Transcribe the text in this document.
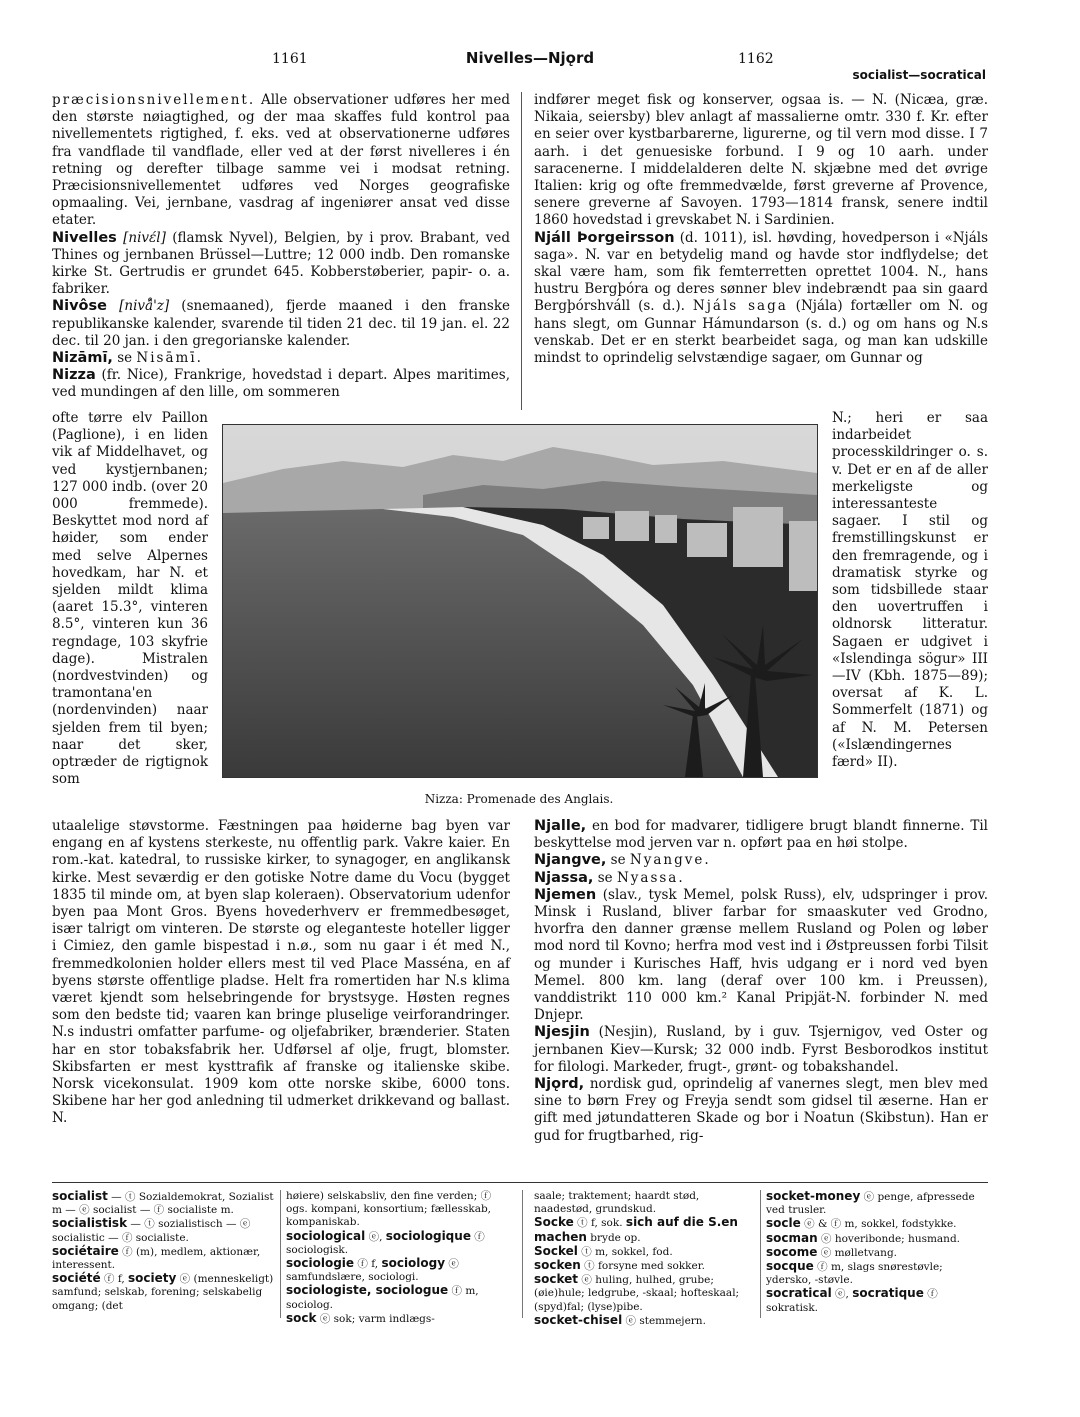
1161	Nivelles—Njǫrd	1162
socialist—socratical

præcisionsnivellement. Alle observationer udføres her med den største nøiagtighed, og der maa skaffes fuld kontrol paa nivellementets rigtighed, f. eks. ved at observationerne udføres fra vandflade til vandflade, eller ved at der først nivelleres i én retning og derefter tilbage samme vei i modsat retning. Præcisionsnivellementet udføres ved Norges geografiske opmaaling. Vei, jernbane, vasdrag af ingeniører ansat ved disse etater.

Nivelles [nivɛ́l] (flamsk Nyvel), Belgien, by i prov. Brabant, ved Thines og jernbanen Brüssel—Luttre; 12 000 indb. Den romanske kirke St. Gertrudis er grundet 645. Kobberstøberier, papir- o. a. fabriker.

Nivôse [nivå̂'z] (snemaaned), fjerde maaned i den franske republikanske kalender, svarende til tiden 21 dec. til 19 jan. el. 22 dec. til 20 jan. i den gregorianske kalender.

Nizāmī, se Nisāmī.

Nizza (fr. Nice), Frankrige, hovedstad i depart. Alpes maritimes, ved mundingen af den lille, om sommeren

indfører meget fisk og konserver, ogsaa is. — N. (Nicæa, græ. Nikaia, seiersby) blev anlagt af massalierne omtr. 330 f. Kr. efter en seier over kystbarbarerne, ligurerne, og til vern mod disse. I 7 aarh. i det genuesiske forbund. I 9 og 10 aarh. under saracenerne. I middelalderen delte N. skjæbne med det øvrige Italien: krig og ofte fremmedvælde, først greverne af Provence, senere greverne af Savoyen. 1793—1814 fransk, senere indtil 1860 hovedstad i grevskabet N. i Sardinien.

Njáll Þorgeirsson (d. 1011), isl. høvding, hovedperson i «Njáls saga». N. var en betydelig mand og havde stor indflydelse; det skal være ham, som fik femterretten oprettet 1004. N., hans hustru Bergþóra og deres sønner blev indebrændt paa sin gaard Bergþórshváll (s. d.). Njáls saga (Njála) fortæller om N. og hans slegt, om Gunnar Hámundarson (s. d.) og om hans og N.s venskab. Det er en sterkt bearbeidet saga, og man kan udskille mindst to oprindelig selvstændige sagaer, om Gunnar og

ofte tørre elv Paillon (Paglione), i en liden vik af Middelhavet, og ved kystjernbanen; 127 000 indb. (over 20 000 fremmede). Beskyttet mod nord af høider, som ender med selve Alpernes hovedkam, har N. et sjelden mildt klima (aaret 15.3°, vinteren 8.5°, vinteren kun 36 regndage, 103 skyfrie dage). Mistralen (nordvestvinden) og tramontana'en (nordenvinden) naar sjelden frem til byen; naar det sker, optræder de rigtignok som

N.; heri er saa indarbeidet processkildringer o. s. v. Det er en af de aller merkeligste og interessanteste sagaer. I stil og fremstillingskunst er den fremragende, og i dramatisk styrke og som tidsbillede staar den uovertruffen i oldnorsk litteratur. Sagaen er udgivet i «Islendinga sögur» III—IV (Kbh. 1875—89); oversat af K. L. Sommerfelt (1871) og af N. M. Petersen («Islændingernes færd» II).

Nizza: Promenade des Anglais.

utaalelige støvstorme. Fæstningen paa høiderne bag byen var engang en af kystens sterkeste, nu offentlig park. Vakre kaier. En rom.-kat. katedral, to russiske kirker, to synagoger, en anglikansk kirke. Mest seværdig er den gotiske Notre dame du Vocu (bygget 1835 til minde om, at byen slap koleraen). Observatorium udenfor byen paa Mont Gros. Byens hovederhverv er fremmedbesøget, især talrigt om vinteren. De største og eleganteste hoteller ligger i Cimiez, den gamle bispestad i n.ø., som nu gaar i ét med N., fremmedkolonien holder ellers mest til ved Place Masséna, en af byens største offentlige pladse. Helt fra romertiden har N.s klima været kjendt som helsebringende for brystsyge. Høsten regnes som den bedste tid; vaaren kan bringe pluselige veirforandringer. N.s industri omfatter parfume- og oljefabriker, brænderier. Staten har en stor tobaksfabrik her. Udførsel af olje, frugt, blomster. Skibsfarten er mest kysttrafik af franske og italienske skibe. Norsk vicekonsulat. 1909 kom otte norske skibe, 6000 tons. Skibene har her god anledning til udmerket drikkevand og ballast. N.

Njalle, en bod for madvarer, tidligere brugt blandt finnerne. Til beskyttelse mod jerven var n. opført paa en høi stolpe.

Njangve, se Nyangve.

Njassa, se Nyassa.

Njemen (slav., tysk Memel, polsk Russ), elv, udspringer i prov. Minsk i Rusland, bliver farbar for smaaskuter ved Grodno, hvorfra den danner grænse mellem Rusland og Polen og løber mod nord til Kovno; herfra mod vest ind i Østpreussen forbi Tilsit og munder i Kurisches Haff, hvis udgang er i nord ved byen Memel. 800 km. lang (deraf over 100 km. i Preussen), vanddistrikt 110 000 km.² Kanal Pripjät-N. forbinder N. med Dnjepr.

Njesjin (Nesjin), Rusland, by i guv. Tsjernigov, ved Oster og jernbanen Kiev—Kursk; 32 000 indb. Fyrst Besborodkos institut for filologi. Markeder, frugt-, grønt- og tobakshandel.

Njǫrd, nordisk gud, oprindelig af vanernes slegt, men blev med sine to børn Frey og Freyja sendt som gidsel til æserne. Han er gift med jøtundatteren Skade og bor i Noatun (Skibstun). Han er gud for frugtbarhed, rig-

socialist — ⓣ Sozialdemokrat, Sozialist m — ⓔ socialist — ⓕ socialiste m.

socialistisk — ⓣ sozialistisch — ⓔ socialistic — ⓕ socialiste.

sociétaire ⓕ (m), medlem, aktionær, interessent.

société ⓕ f, society ⓔ (menneskeligt) samfund; selskab, forening; selskabelig omgang; (det

høiere) selskabsliv, den fine verden; ⓕ ogs. kompani, konsortium; fællesskab, kompaniskab.

sociological ⓔ, sociologique ⓕ sociologisk.

sociologie ⓕ f, sociology ⓔ samfundslære, sociologi.

sociologiste, sociologue ⓕ m, sociolog.

sock ⓔ sok; varm indlægs-

saale; traktement; haardt stød, naadestød, grundskud.

Socke ⓣ f, sok. sich auf die S.en machen bryde op.

Sockel ⓣ m, sokkel, fod.

socken ⓣ forsyne med sokker.

socket ⓔ huling, hulhed, grube; (øie)hule; ledgrube, -skaal; hofteskaal; (spyd)fal; (lyse)pibe.

socket-chisel ⓔ stemmejern.

socket-money ⓔ penge, afpressede ved trusler.

socle ⓔ & ⓕ m, sokkel, fodstykke.

socman ⓔ hoveribonde; husmand.

socome ⓔ mølletvang.

socque ⓕ m, slags snørestøvle; ydersko, -støvle.

socratical ⓔ, socratique ⓕ sokratisk.
